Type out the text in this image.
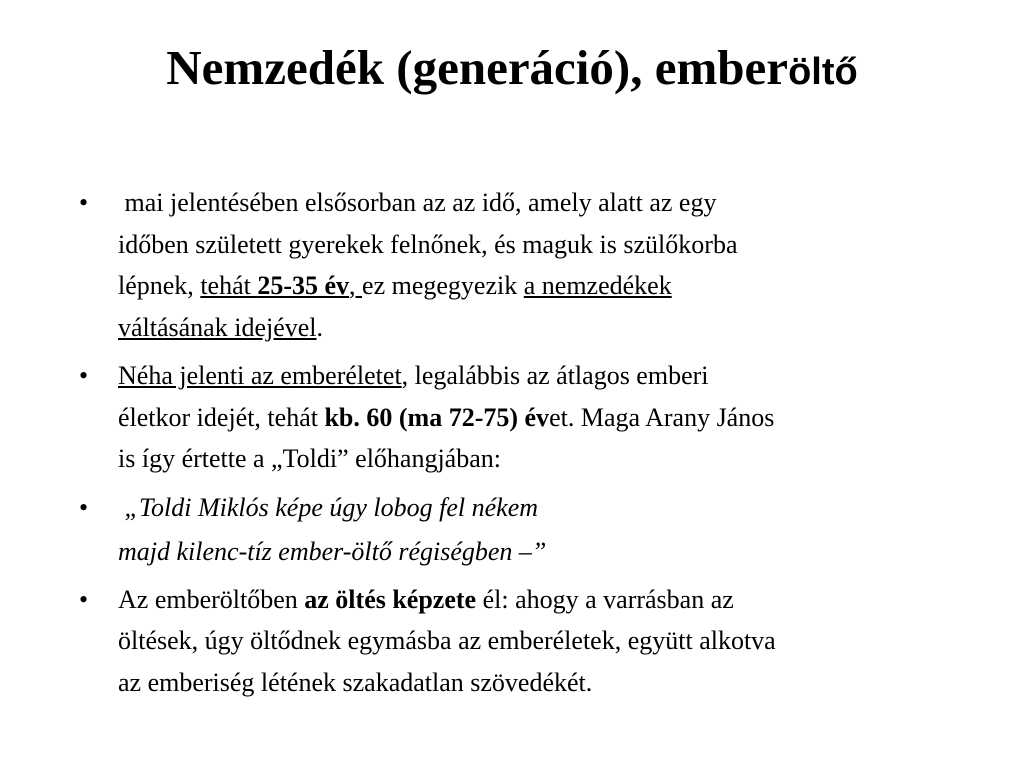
Nemzedék (generáció), emberöltő
•	mai jelentésében elsősorban az az idő, amely alatt az egy
időben született gyerekek felnőnek, és maguk is szülőkorba
lépnek, tehát 25-35 év, ez megegyezik a nemzedékek
váltásának idejével.
•	Néha jelenti az emberéletet, legalábbis az átlagos emberi
életkor idejét, tehát kb. 60 (ma 72-75) évet. Maga Arany János
is így értette a „Toldi” előhangjában:
•	„Toldi Miklós képe úgy lobog fel nékem
majd kilenc-tíz ember-öltő régiségben –”
•	Az emberöltőben az öltés képzete él: ahogy a varrásban az
öltések, úgy öltődnek egymásba az emberéletek, együtt alkotva
az emberiség létének szakadatlan szövedékét.
